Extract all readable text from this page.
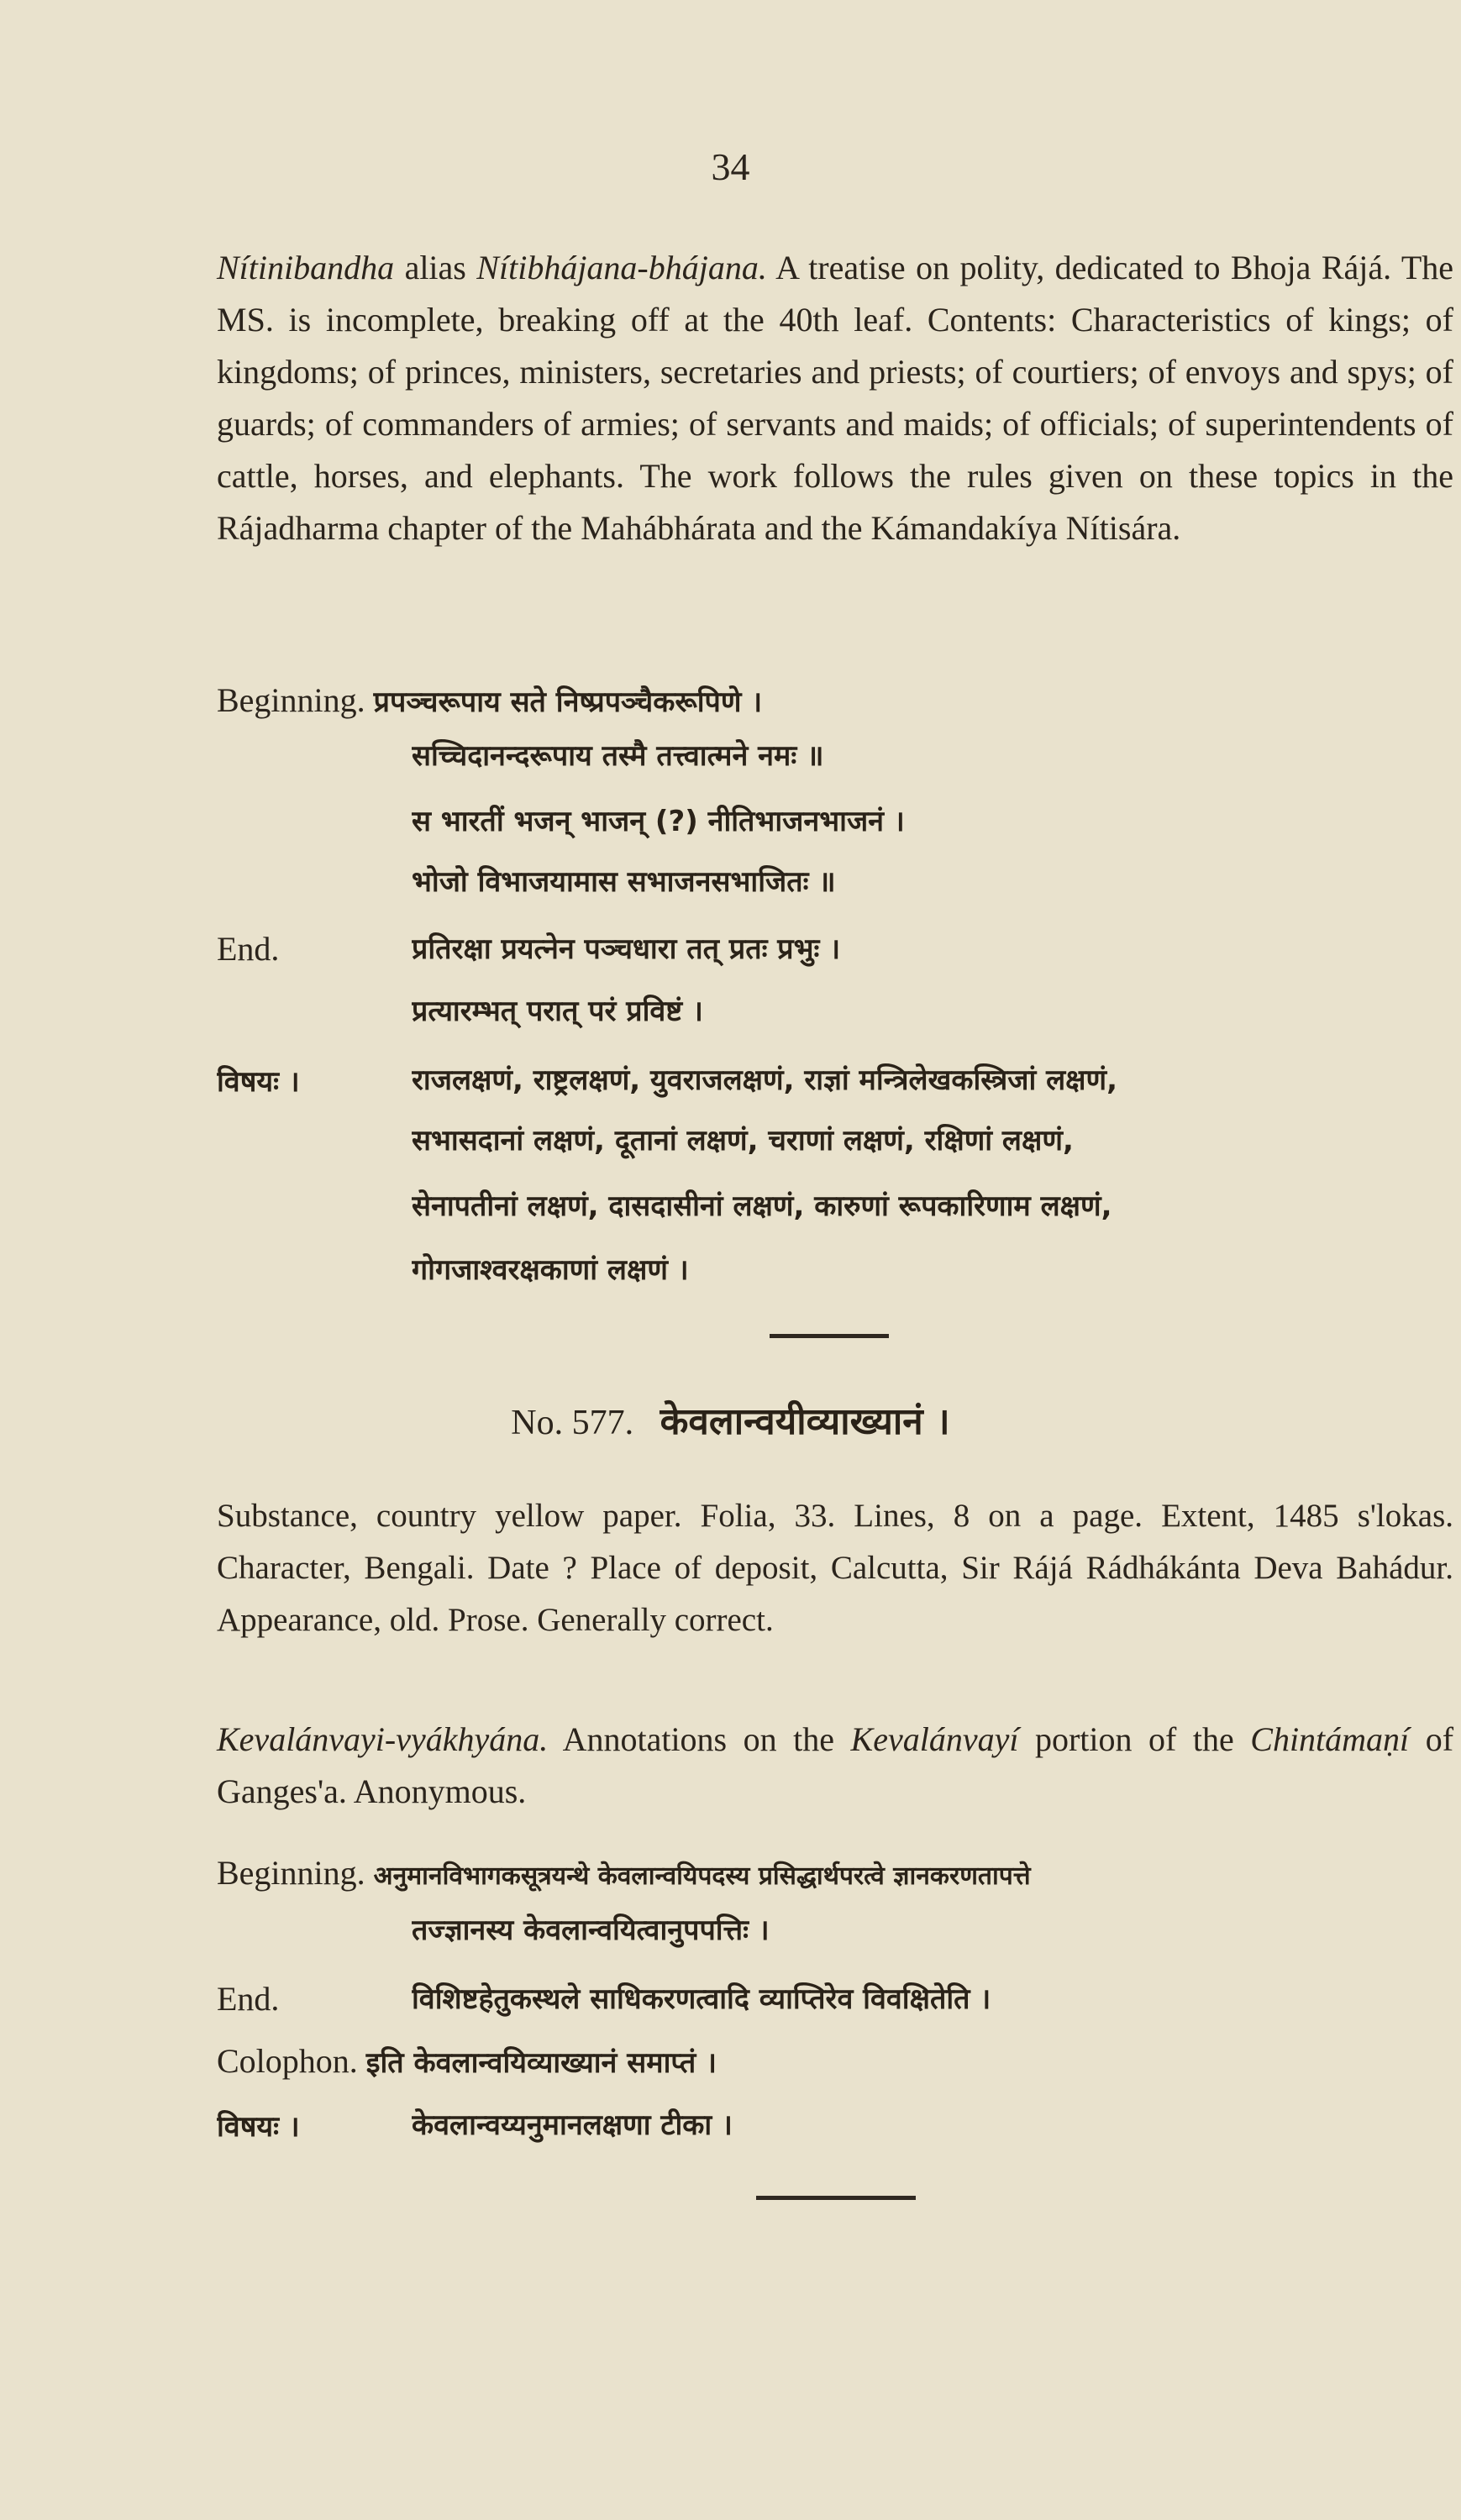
34
Nítinibandha alias Nítibhájana-bhájana. A treatise on polity, dedicated to Bhoja Rájá. The MS. is incomplete, breaking off at the 40th leaf. Contents: Characteristics of kings; of kingdoms; of princes, ministers, secretaries and priests; of courtiers; of envoys and spys; of guards; of commanders of armies; of servants and maids; of officials; of superintendents of cattle, horses, and elephants. The work follows the rules given on these topics in the Rájadharma chapter of the Mahábhárata and the Kámandakíya Nítisára.
Beginning. प्रपञ्चरूपाय सते निष्प्रपञ्चैकरूपिणे ।
सच्चिदानन्दरूपाय तस्मै तत्त्वात्मने नमः ॥
स भारतीं भजन् भाजन् (?) नीतिभाजनभाजनं ।
भोजो विभाजयामास सभाजनसभाजितः ॥
End.	प्रतिरक्षा प्रयत्नेन पञ्चधारा तत् प्रतः प्रभुः ।
प्रत्यारम्भत् परात् परं प्रविष्टं ।
विषयः ।	राजलक्षणं, राष्ट्रलक्षणं, युवराजलक्षणं, राज्ञां मन्त्रिलेखकस्त्रिजां लक्षणं,
सभासदानां लक्षणं, दूतानां लक्षणं, चराणां लक्षणं, रक्षिणां लक्षणं,
सेनापतीनां लक्षणं, दासदासीनां लक्षणं, कारुणां रूपकारिणाम लक्षणं,
गोगजाश्वरक्षकाणां लक्षणं ।
No. 577. केवलान्वयीव्याख्यानं ।
Substance, country yellow paper. Folia, 33. Lines, 8 on a page. Extent, 1485 s'lokas. Character, Bengali. Date ? Place of deposit, Calcutta, Sir Rájá Rádhákánta Deva Bahádur. Appearance, old. Prose. Generally correct.
Kevalánvayi-vyákhyána. Annotations on the Kevalánvayí portion of the Chintámaṇí of Ganges'a. Anonymous.
Beginning. अनुमानविभागकसूत्रयन्थे केवलान्वयिपदस्य प्रसिद्धार्थपरत्वे ज्ञानकरणतापत्ते
तज्ज्ञानस्य केवलान्वयित्वानुपपत्तिः ।
End.	विशिष्टहेतुकस्थले साधिकरणत्वादि व्याप्तिरेव विवक्षितेति ।
Colophon. इति केवलान्वयिव्याख्यानं समाप्तं ।
विषयः ।	केवलान्वय्यनुमानलक्षणा टीका ।
